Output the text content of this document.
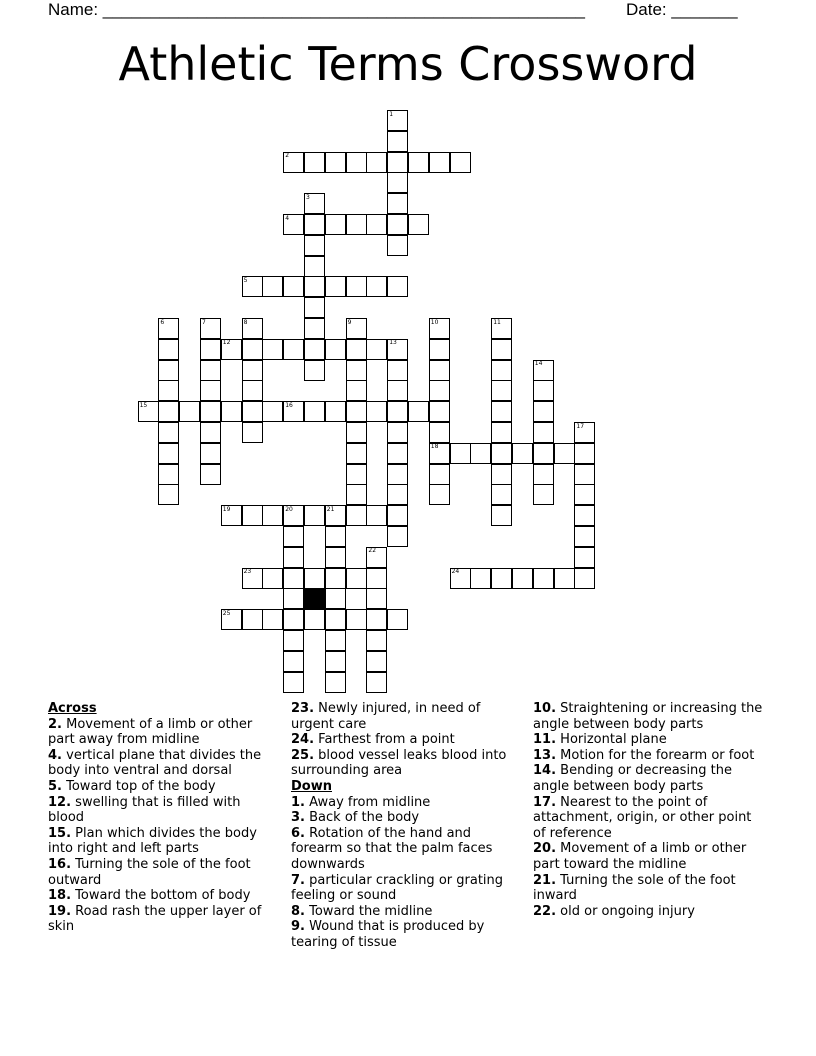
Name: ___________________________________________________ Date: _______
Athletic Terms Crossword
1
2
3
4
5
6	7	8	9	10	11
12	13
14
15	16
17
18
19	20	21
22
23	24
25
Across
2. Movement of a limb or other part away from midline
4. vertical plane that divides the body into ventral and dorsal
5. Toward top of the body
12. swelling that is filled with blood
15. Plan which divides the body into right and left parts
16. Turning the sole of the foot outward
18. Toward the bottom of body
19. Road rash the upper layer of skin
23. Newly injured, in need of urgent care
24. Farthest from a point
25. blood vessel leaks blood into surrounding area
Down
1. Away from midline
3. Back of the body
6. Rotation of the hand and forearm so that the palm faces downwards
7. particular crackling or grating feeling or sound
8. Toward the midline
9. Wound that is produced by tearing of tissue
10. Straightening or increasing the angle between body parts
11. Horizontal plane
13. Motion for the forearm or foot
14. Bending or decreasing the angle between body parts
17. Nearest to the point of attachment, origin, or other point of reference
20. Movement of a limb or other part toward the midline
21. Turning the sole of the foot inward
22. old or ongoing injury
